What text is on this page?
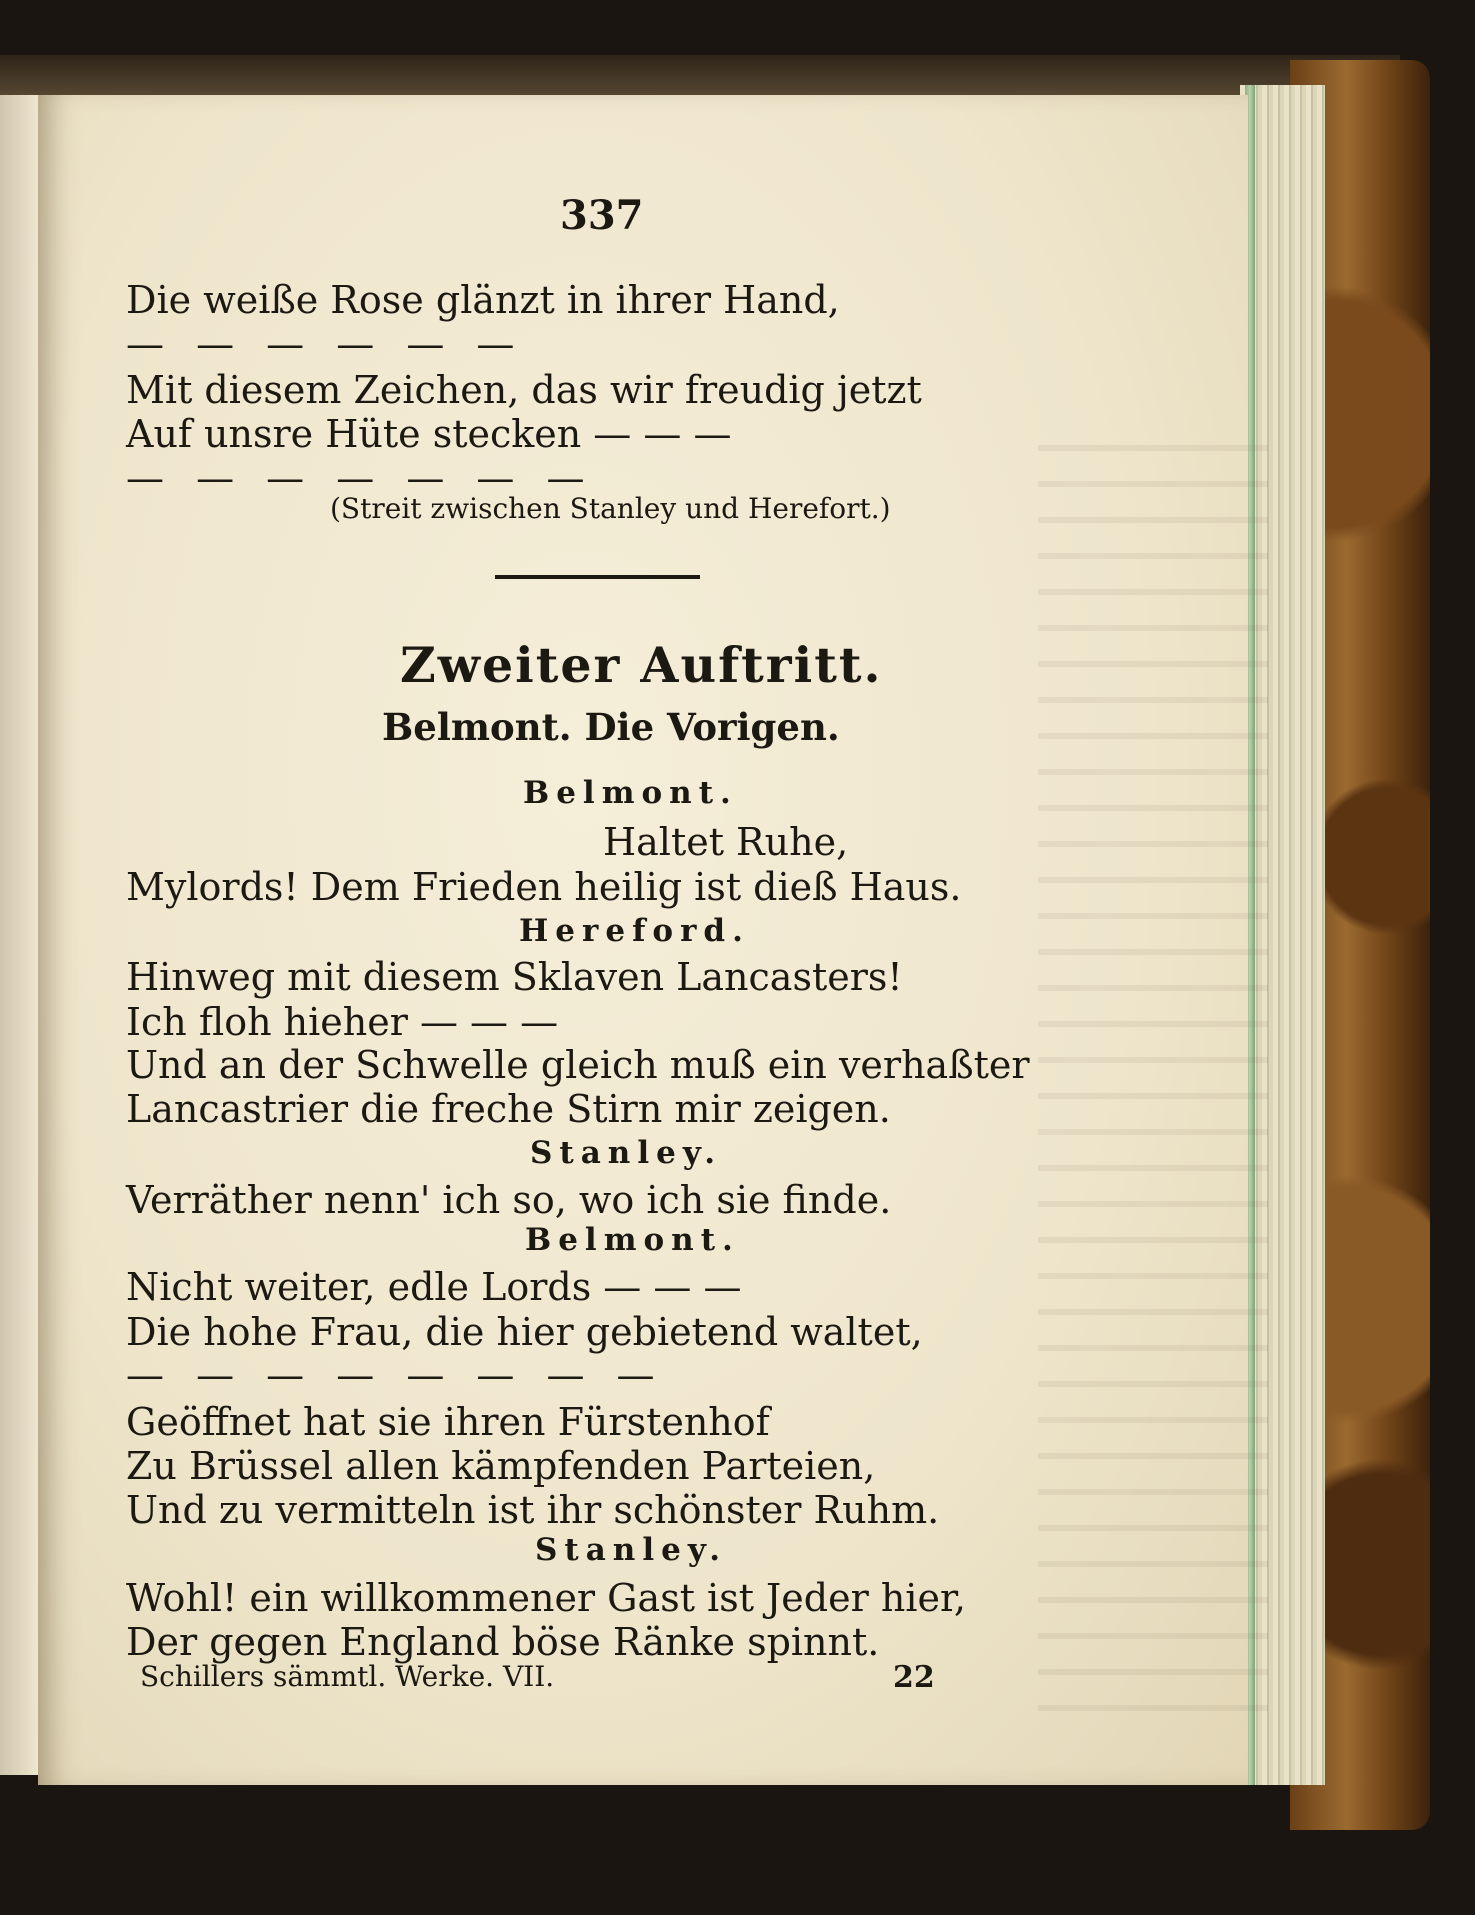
337
Die weiße Rose glänzt in ihrer Hand,
— — — — — —
Mit diesem Zeichen, das wir freudig jetzt
Auf unsre Hüte stecken — — —
— — — — — — —
(Streit zwischen Stanley und Herefort.)
Zweiter Auftritt.
Belmont. Die Vorigen.
Belmont.
Haltet Ruhe,
Mylords! Dem Frieden heilig ist dieß Haus.
Hereford.
Hinweg mit diesem Sklaven Lancasters!
Ich floh hieher — — —
Und an der Schwelle gleich muß ein verhaßter
Lancastrier die freche Stirn mir zeigen.
Stanley.
Verräther nenn' ich so, wo ich sie finde.
Belmont.
Nicht weiter, edle Lords — — —
Die hohe Frau, die hier gebietend waltet,
— — — — — — — —
Geöffnet hat sie ihren Fürstenhof
Zu Brüssel allen kämpfenden Parteien,
Und zu vermitteln ist ihr schönster Ruhm.
Stanley.
Wohl! ein willkommener Gast ist Jeder hier,
Der gegen England böse Ränke spinnt.
Schillers sämmtl. Werke. VII.	22
